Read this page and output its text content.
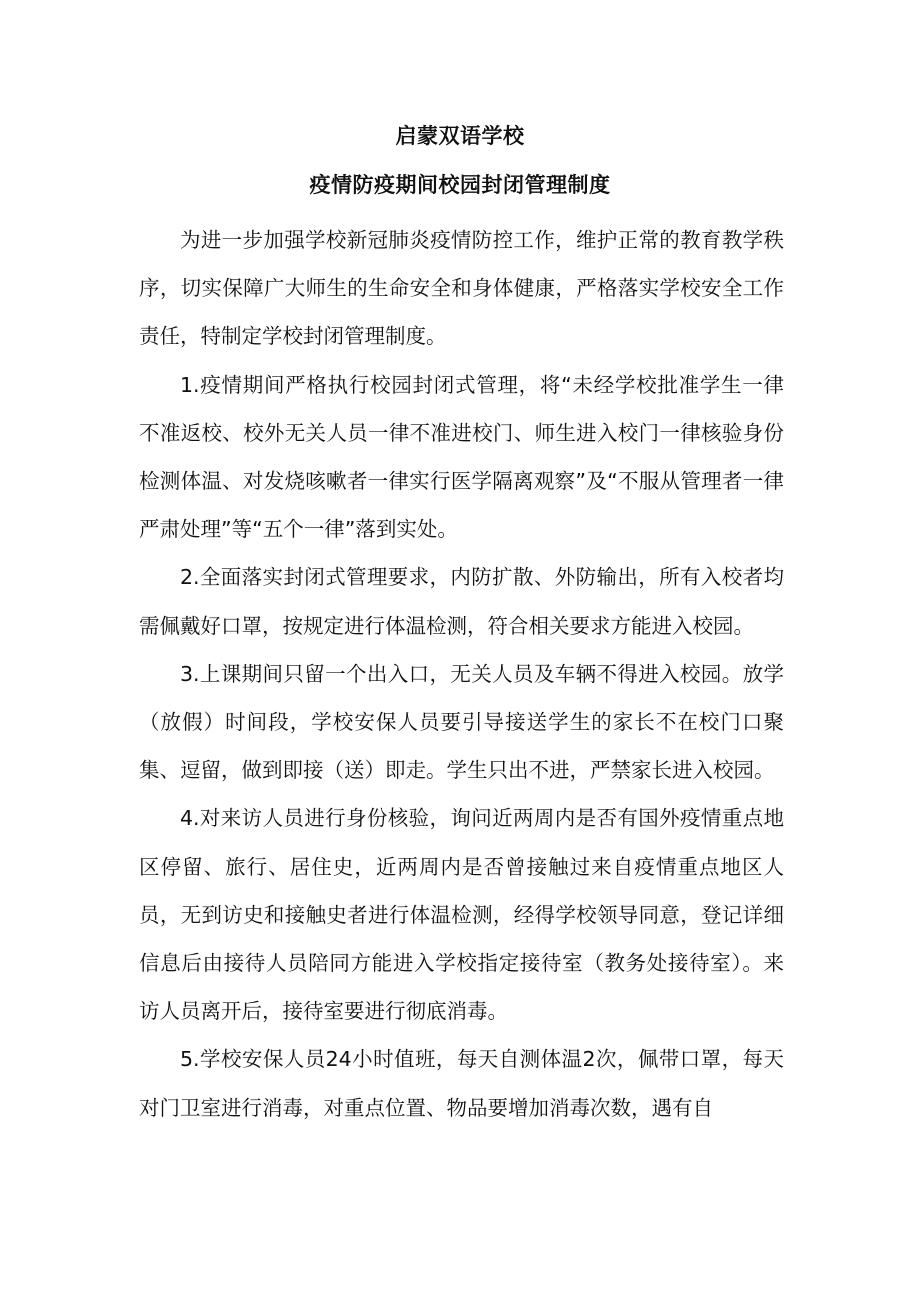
启蒙双语学校
疫情防疫期间校园封闭管理制度

为进一步加强学校新冠肺炎疫情防控工作，维护正常的教育教学秩序，切实保障广大师生的生命安全和身体健康，严格落实学校安全工作责任，特制定学校封闭管理制度。

1.疫情期间严格执行校园封闭式管理，将“未经学校批准学生一律不准返校、校外无关人员一律不准进校门、师生进入校门一律核验身份检测体温、对发烧咳嗽者一律实行医学隔离观察”及“不服从管理者一律严肃处理”等“五个一律”落到实处。

2.全面落实封闭式管理要求，内防扩散、外防输出，所有入校者均需佩戴好口罩，按规定进行体温检测，符合相关要求方能进入校园。

3.上课期间只留一个出入口，无关人员及车辆不得进入校园。放学（放假）时间段，学校安保人员要引导接送学生的家长不在校门口聚集、逗留，做到即接（送）即走。学生只出不进，严禁家长进入校园。

4.对来访人员进行身份核验，询问近两周内是否有国外疫情重点地区停留、旅行、居住史，近两周内是否曾接触过来自疫情重点地区人员，无到访史和接触史者进行体温检测，经得学校领导同意，登记详细信息后由接待人员陪同方能进入学校指定接待室（教务处接待室）。来访人员离开后，接待室要进行彻底消毒。

5.学校安保人员24小时值班，每天自测体温2次，佩带口罩，每天对门卫室进行消毒，对重点位置、物品要增加消毒次数，遇有自
